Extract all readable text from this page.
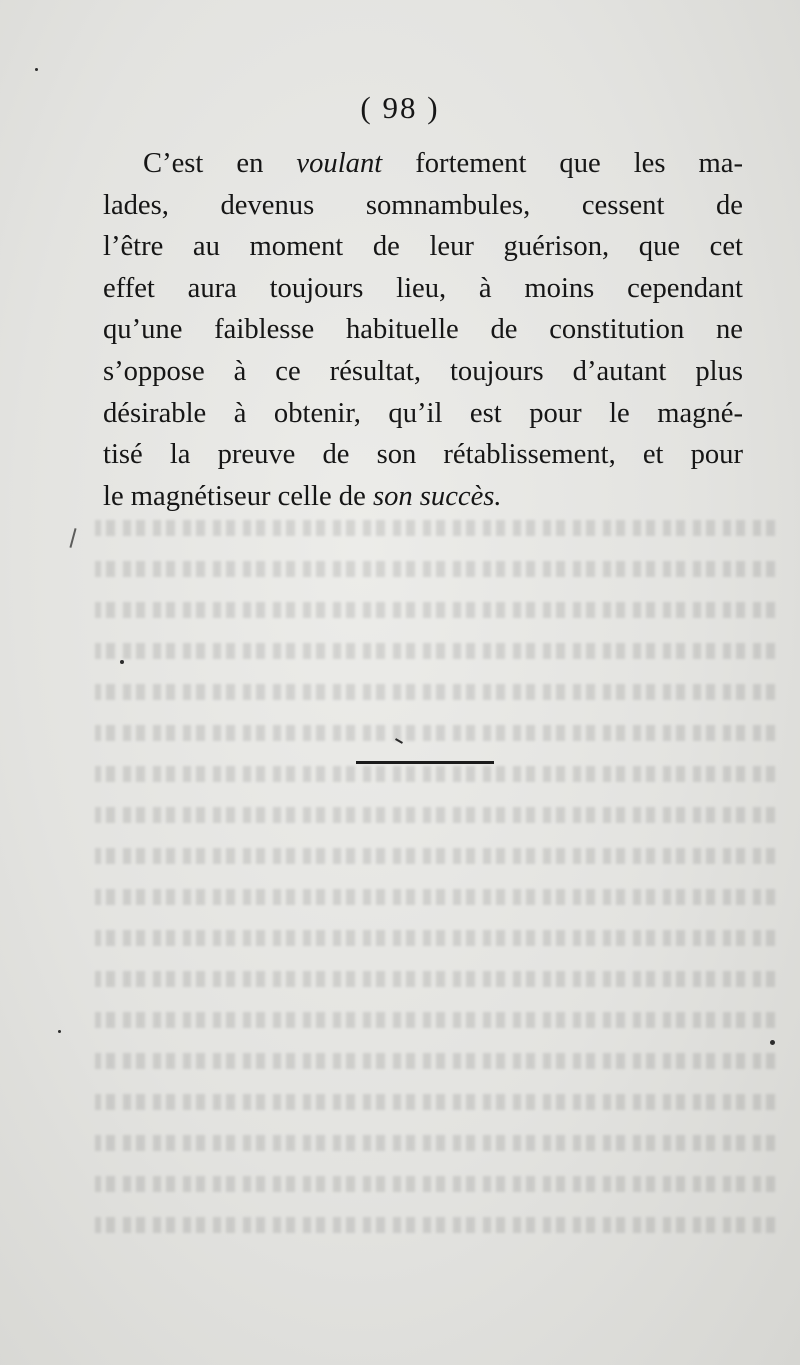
( 98 )
C’est en voulant fortement que les ma-
lades, devenus somnambules, cessent de
l’être au moment de leur guérison, que cet
effet aura toujours lieu, à moins cependant
qu’une faiblesse habituelle de constitution ne
s’oppose à ce résultat, toujours d’autant plus
désirable à obtenir, qu’il est pour le magné-
tisé la preuve de son rétablissement, et pour
le magnétiseur celle de son succès.
